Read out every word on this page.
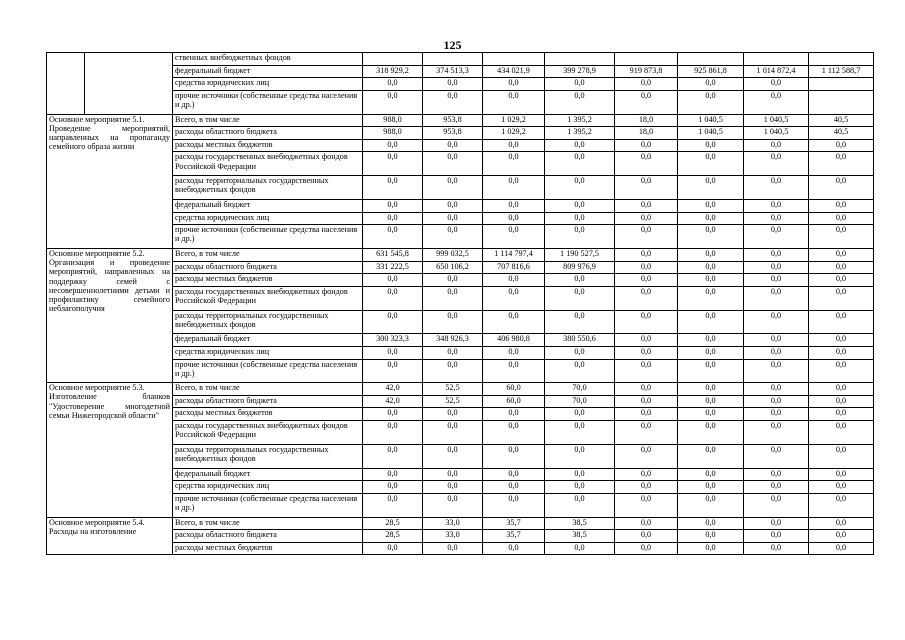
125
		ственных внебюджетных фондов								
		федеральный бюджет	318 929,2	374 513,3	434 021,9	399 278,9	919 873,8	925 861,8	1 014 872,4	1 112 588,7
		средства юридических лиц	0,0	0,0	0,0	0,0	0,0	0,0	0,0	
		прочие источники (собственные средства населения и др.)	0,0	0,0	0,0	0,0	0,0	0,0	0,0	
Основное мероприятие 5.1.
Проведение мероприятий, направленных на пропаганду семейного образа жизни		Всего, в том числе	988,0	953,8	1 029,2	1 395,2	18,0	1 040,5	1 040,5	40,5
		расходы областного бюджета	988,0	953,8	1 029,2	1 395,2	18,0	1 040,5	1 040,5	40,5
		расходы местных бюджетов	0,0	0,0	0,0	0,0	0,0	0,0	0,0	0,0
		расходы государственных внебюджетных фондов Российской Федерации	0,0	0,0	0,0	0,0	0,0	0,0	0,0	0,0
		расходы территориальных государственных внебюджетных фондов	0,0	0,0	0,0	0,0	0,0	0,0	0,0	0,0
		федеральный бюджет	0,0	0,0	0,0	0,0	0,0	0,0	0,0	0,0
		средства юридических лиц	0,0	0,0	0,0	0,0	0,0	0,0	0,0	0,0
		прочие источники (собственные средства населения и др.)	0,0	0,0	0,0	0,0	0,0	0,0	0,0	0,0
Основное мероприятие 5.2.
Организация и проведение мероприятий, направленных на поддержку семей с несовершеннолетними детьми и профилактику семейного неблагополучия		Всего, в том числе	631 545,8	999 032,5	1 114 797,4	1 190 527,5	0,0	0,0	0,0	0,0
		расходы областного бюджета	331 222,5	650 106,2	707 816,6	809 976,9	0,0	0,0	0,0	0,0
		расходы местных бюджетов	0,0	0,0	0,0	0,0	0,0	0,0	0,0	0,0
		расходы государственных внебюджетных фондов Российской Федерации	0,0	0,0	0,0	0,0	0,0	0,0	0,0	0,0
		расходы территориальных государственных внебюджетных фондов	0,0	0,0	0,0	0,0	0,0	0,0	0,0	0,0
		федеральный бюджет	300 323,3	348 926,3	406 980,8	380 550,6	0,0	0,0	0,0	0,0
		средства юридических лиц	0,0	0,0	0,0	0,0	0,0	0,0	0,0	0,0
		прочие источники (собственные средства населения и др.)	0,0	0,0	0,0	0,0	0,0	0,0	0,0	0,0
Основное мероприятие 5.3.
Изготовление бланков "Удостоверение многодетной семьи Нижегородской области"		Всего, в том числе	42,0	52,5	60,0	70,0	0,0	0,0	0,0	0,0
		расходы областного бюджета	42,0	52,5	60,0	70,0	0,0	0,0	0,0	0,0
		расходы местных бюджетов	0,0	0,0	0,0	0,0	0,0	0,0	0,0	0,0
		расходы государственных внебюджетных фондов Российской Федерации	0,0	0,0	0,0	0,0	0,0	0,0	0,0	0,0
		расходы территориальных государственных внебюджетных фондов	0,0	0,0	0,0	0,0	0,0	0,0	0,0	0,0
		федеральный бюджет	0,0	0,0	0,0	0,0	0,0	0,0	0,0	0,0
		средства юридических лиц	0,0	0,0	0,0	0,0	0,0	0,0	0,0	0,0
		прочие источники (собственные средства населения и др.)	0,0	0,0	0,0	0,0	0,0	0,0	0,0	0,0
Основное мероприятие 5.4.
Расходы на изготовление		Всего, в том числе	28,5	33,0	35,7	38,5	0,0	0,0	0,0	0,0
		расходы областного бюджета	28,5	33,0	35,7	38,5	0,0	0,0	0,0	0,0
		расходы местных бюджетов	0,0	0,0	0,0	0,0	0,0	0,0	0,0	0,0
